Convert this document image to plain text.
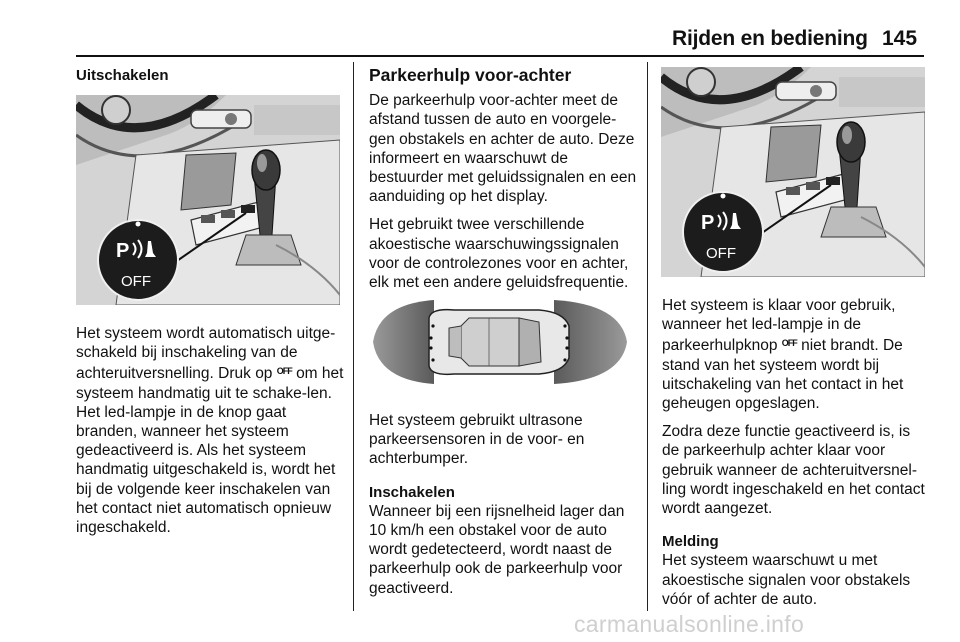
Rijden en bediening 145
Uitschakelen
P
OFF

Het systeem wordt automatisch uitge-schakeld bij inschakeling van de achteruitversnelling. Druk op $^{OFF}$ om het systeem handmatig uit te schake-len. Het led-lampje in de knop gaat branden, wanneer het systeem gedeactiveerd is. Als het systeem handmatig uitgeschakeld is, wordt het bij de volgende keer inschakelen van het contact niet automatisch opnieuw ingeschakeld.

Parkeerhulp voor-achter

De parkeerhulp voor-achter meet de afstand tussen de auto en voorgele-gen obstakels en achter de auto. Deze informeert en waarschuwt de bestuurder met geluidssignalen en een aanduiding op het display.

Het gebruikt twee verschillende akoestische waarschuwingssignalen voor de controlezones voor en achter, elk met een andere geluidsfrequentie.

Het systeem gebruikt ultrasone parkeersensoren in de voor- en achterbumper.

Inschakelen

Wanneer bij een rijsnelheid lager dan 10 km/h een obstakel voor de auto wordt gedetecteerd, wordt naast de parkeerhulp ook de parkeerhulp voor geactiveerd.

P
OFF

Het systeem is klaar voor gebruik, wanneer het led-lampje in de parkeerhulpknop $^{OFF}$ niet brandt. De stand van het systeem wordt bij uitschakeling van het contact in het geheugen opgeslagen.

Zodra deze functie geactiveerd is, is de parkeerhulp achter klaar voor gebruik wanneer de achteruitversnel-ling wordt ingeschakeld en het contact wordt aangezet.

Melding

Het systeem waarschuwt u met akoestische signalen voor obstakels vóór of achter de auto.

carmanualsonline.info
